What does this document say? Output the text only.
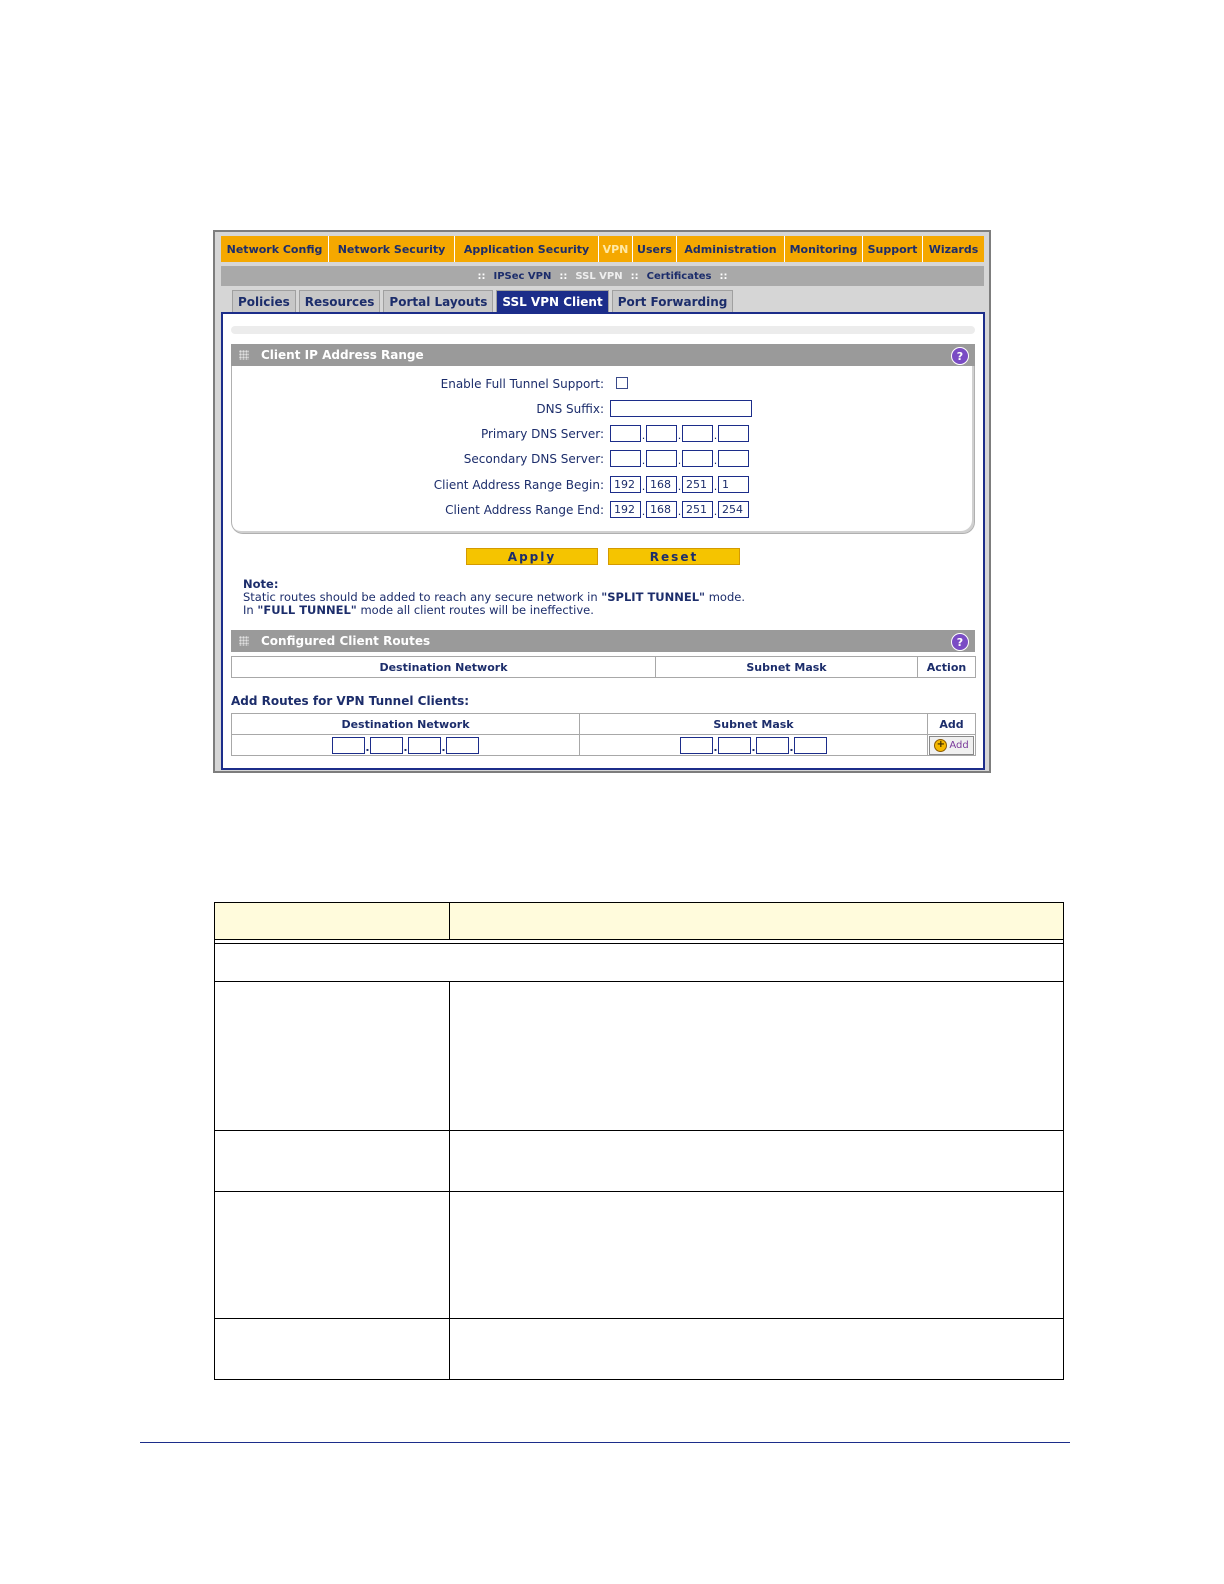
Network Config	Network Security	Application Security	VPN Users	Administration	Monitoring Support	Wizards
:: IPSec VPN :: SSL VPN :: Certificates ::
Policies	Resources	Portal Layouts	SSL VPN Client	Port Forwarding
Client IP Address Range	?
Enable Full Tunnel Support:
DNS Suffix:
Primary DNS Server:	.	.	.
Secondary DNS Server:	.	.	.
Client Address Range Begin: 192 . 168 . 251 . 1
Client Address Range End: 192 . 168 . 251 . 254
Apply	Reset
Note:
Static routes should be added to reach any secure network in "SPLIT TUNNEL" mode.
In "FULL TUNNEL" mode all client routes will be ineffective.
Configured Client Routes	?
Destination Network	Subnet Mask	Action
Add Routes for VPN Tunnel Clients:
Destination Network	Subnet Mask	Add

. . .	. . .	+ Add
